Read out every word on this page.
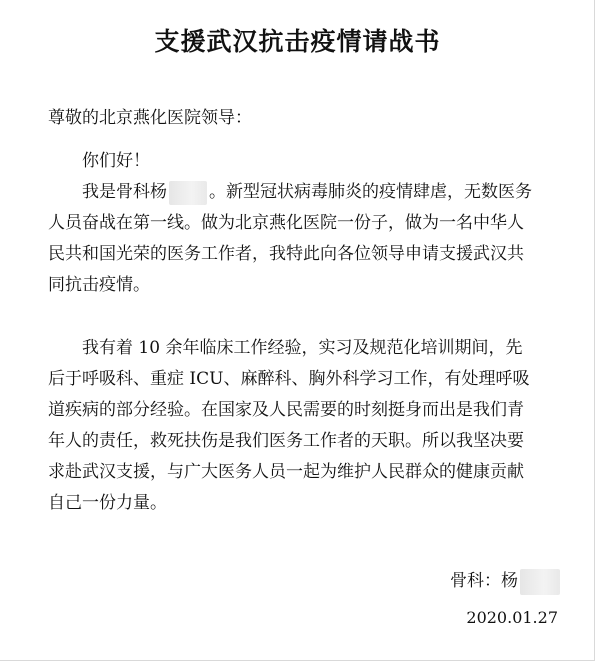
支援武汉抗击疫情请战书
尊敬的北京燕化医院领导：
你们好！
我是骨科杨 。新型冠状病毒肺炎的疫情肆虐，无数医务
人员奋战在第一线。做为北京燕化医院一份子，做为一名中华人
民共和国光荣的医务工作者，我特此向各位领导申请支援武汉共
同抗击疫情。
我有着 10 余年临床工作经验，实习及规范化培训期间，先
后于呼吸科、重症 ICU、麻醉科、胸外科学习工作，有处理呼吸
道疾病的部分经验。在国家及人民需要的时刻挺身而出是我们青
年人的责任，救死扶伤是我们医务工作者的天职。所以我坚决要
求赴武汉支援，与广大医务人员一起为维护人民群众的健康贡献
自己一份力量。
骨科：杨
2020.01.27
